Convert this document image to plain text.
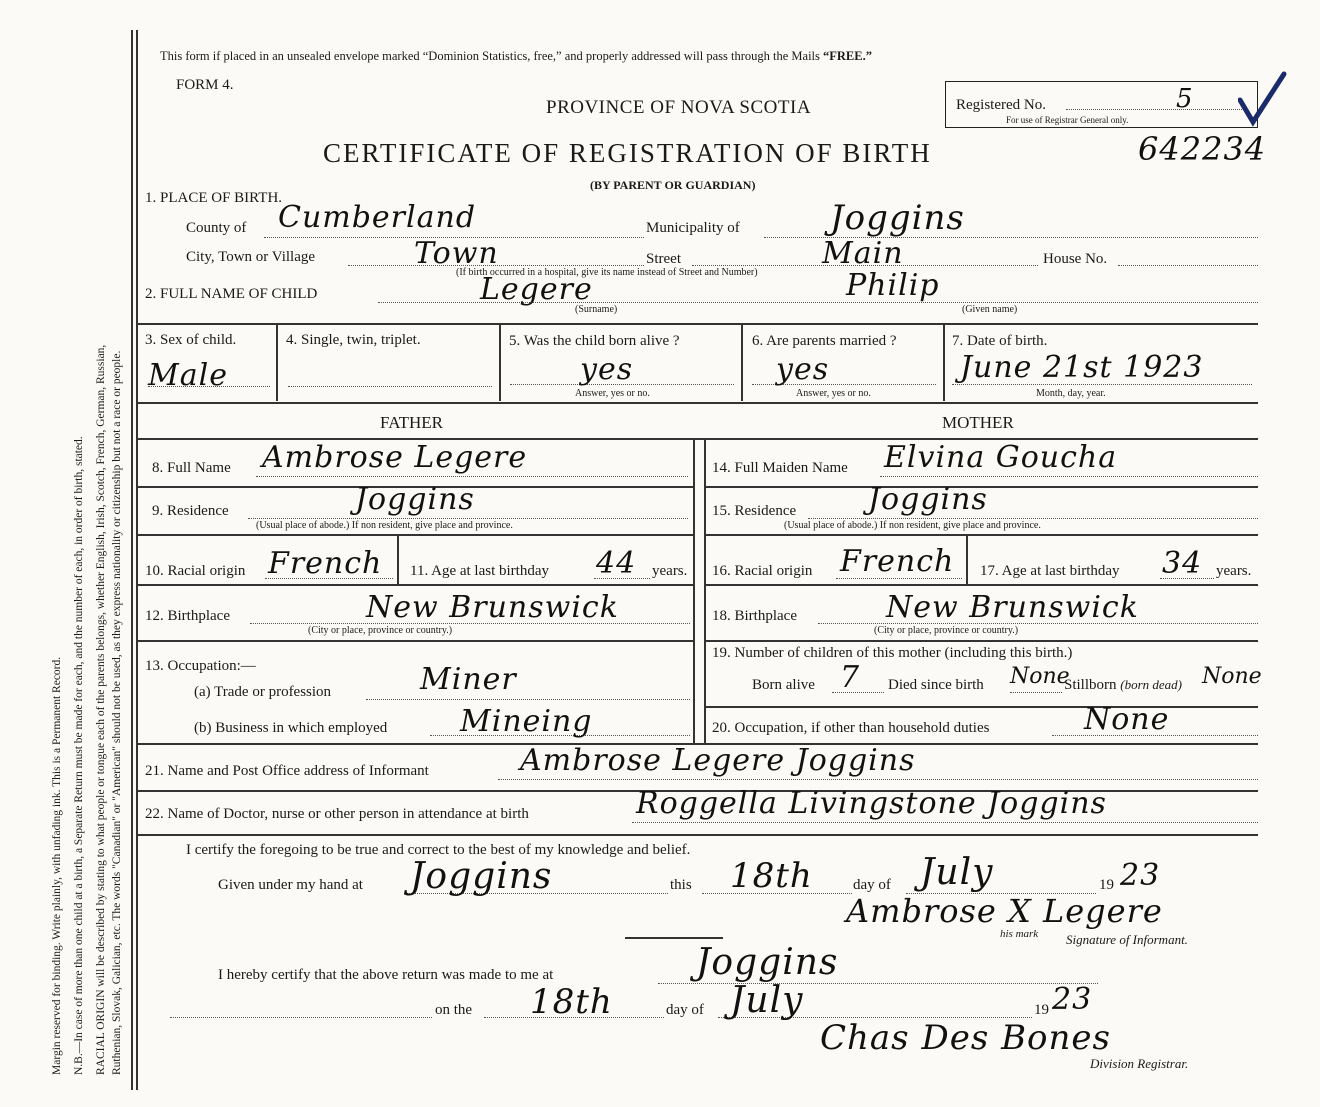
Margin reserved for binding. Write plainly, with unfading ink. This is a Permanent Record. N.B.—In case of more than one child at a birth, a Separate Return must be made for each, and the number of each, in order of birth, stated. RACIAL ORIGIN will be described by stating to what people or tongue each of the parents belongs, whether English, Irish, Scotch, French, German, Russian, Ruthenian, Slovak, Galician, etc. The words "Canadian" or "American" should not be used, as they express nationality or citizenship but not a race or people.
This form if placed in an unsealed envelope marked “Dominion Statistics, free,” and properly addressed will pass through the Mails “FREE.”
FORM 4.
PROVINCE OF NOVA SCOTIA	Registered No.
For use of Registrar General only.
5
CERTIFICATE OF REGISTRATION OF BIRTH	642234
(BY PARENT OR GUARDIAN)
1. PLACE OF BIRTH.
County of Cumberland	Municipality of	Joggins
City, Town or Village	Town	Street	Main	House No.
(If birth occurred in a hospital, give its name instead of Street and Number)
2. FULL NAME OF CHILD	Legere	Philip
(Surname)	(Given name)
3. Sex of child.
Male
4. Single, twin, triplet.	5. Was the child born alive ?
yes
Answer, yes or no.
6. Are parents married ?
yes
Answer, yes or no.
7. Date of birth.
June 21st 1923
Month, day, year.
FATHER	MOTHER
8. Full Name Ambrose Legere
9. Residence	Joggins
(Usual place of abode.) If non resident, give place and province.
10. Racial origin French 11. Age at last birthday 44 years.
12. Birthplace	New Brunswick
(City or place, province or country.)
13. Occupation:—
(a) Trade or profession	Miner
(b) Business in which employed Mineing
14. Full Maiden Name Elvina Goucha
15. Residence Joggins
(Usual place of abode.) If non resident, give place and province.
16. Racial origin French 17. Age at last birthday 34 years.
18. Birthplace	New Brunswick
(City or place, province or country.)
19. Number of children of this mother (including this birth.)
Born alive 7 Died since birth None
Stillborn (born dead) None
20. Occupation, if other than household duties	None
21. Name and Post Office address of Informant	Ambrose Legere Joggins
22. Name of Doctor, nurse or other person in attendance at birth	Roggella Livingstone Joggins
I certify the foregoing to be true and correct to the best of my knowledge and belief.
Given under my hand at Joggins	this 18th	day of July	19 23
Ambrose X Legere
his mark Signature of Informant.
I hereby certify that the above return was made to me at	Joggins
on the 18th	day of July	19 23
Chas Des Bones
Division Registrar.
